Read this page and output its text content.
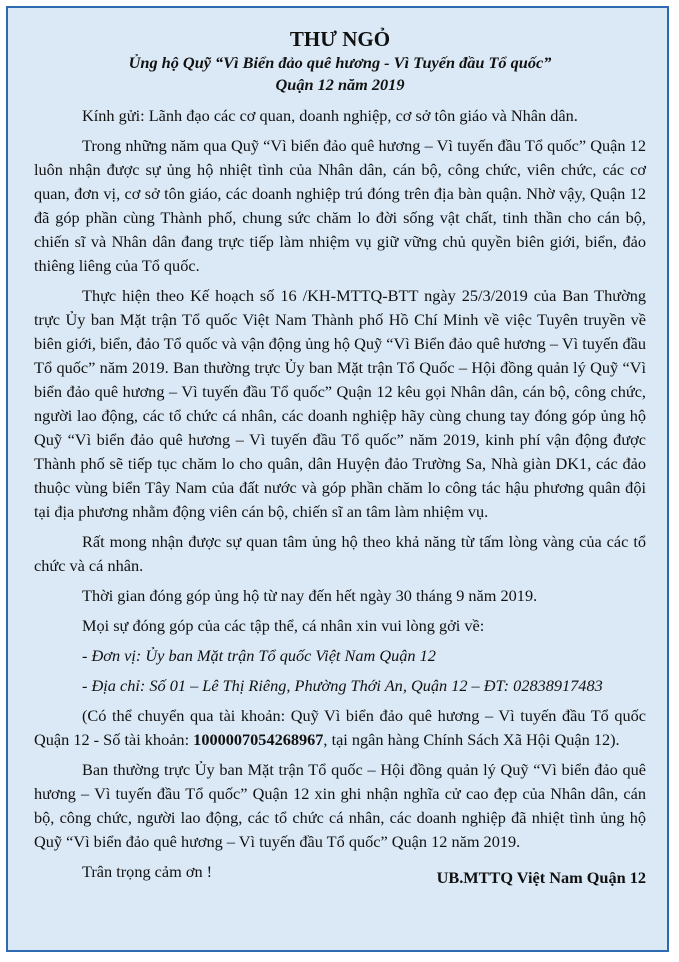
THƯ NGỎ
Ủng hộ Quỹ “Vì Biển đảo quê hương - Vì Tuyến đầu Tổ quốc”
Quận 12 năm 2019

Kính gửi: Lãnh đạo các cơ quan, doanh nghiệp, cơ sở tôn giáo và Nhân dân.

Trong những năm qua Quỹ “Vì biển đảo quê hương – Vì tuyến đầu Tổ quốc” Quận 12 luôn nhận được sự ủng hộ nhiệt tình của Nhân dân, cán bộ, công chức, viên chức, các cơ quan, đơn vị, cơ sở tôn giáo, các doanh nghiệp trú đóng trên địa bàn quận. Nhờ vậy, Quận 12 đã góp phần cùng Thành phố, chung sức chăm lo đời sống vật chất, tinh thần cho cán bộ, chiến sĩ và Nhân dân đang trực tiếp làm nhiệm vụ giữ vững chủ quyền biên giới, biển, đảo thiêng liêng của Tổ quốc.

Thực hiện theo Kế hoạch số 16 /KH-MTTQ-BTT ngày 25/3/2019 của Ban Thường trực Ủy ban Mặt trận Tổ quốc Việt Nam Thành phố Hồ Chí Minh về việc Tuyên truyền về biên giới, biển, đảo Tổ quốc và vận động ủng hộ Quỹ “Vì Biển đảo quê hương – Vì tuyến đầu Tổ quốc” năm 2019. Ban thường trực Ủy ban Mặt trận Tổ Quốc – Hội đồng quản lý Quỹ “Vì biển đảo quê hương – Vì tuyến đầu Tổ quốc” Quận 12 kêu gọi Nhân dân, cán bộ, công chức, người lao động, các tổ chức cá nhân, các doanh nghiệp hãy cùng chung tay đóng góp ủng hộ Quỹ “Vì biển đảo quê hương – Vì tuyến đầu Tổ quốc” năm 2019, kinh phí vận động được Thành phố sẽ tiếp tục chăm lo cho quân, dân Huyện đảo Trường Sa, Nhà giàn DK1, các đảo thuộc vùng biển Tây Nam của đất nước và góp phần chăm lo công tác hậu phương quân đội tại địa phương nhằm động viên cán bộ, chiến sĩ an tâm làm nhiệm vụ.

Rất mong nhận được sự quan tâm ủng hộ theo khả năng từ tấm lòng vàng của các tổ chức và cá nhân.

Thời gian đóng góp ủng hộ từ nay đến hết ngày 30 tháng 9 năm 2019.

Mọi sự đóng góp của các tập thể, cá nhân xin vui lòng gởi về:

- Đơn vị: Ủy ban Mặt trận Tổ quốc Việt Nam Quận 12

- Địa chỉ: Số 01 – Lê Thị Riêng, Phường Thới An, Quận 12 – ĐT: 02838917483

(Có thể chuyển qua tài khoản: Quỹ Vì biển đảo quê hương – Vì tuyến đầu Tổ quốc Quận 12 - Số tài khoản: 1000007054268967, tại ngân hàng Chính Sách Xã Hội Quận 12).

Ban thường trực Ủy ban Mặt trận Tổ quốc – Hội đồng quản lý Quỹ “Vì biển đảo quê hương – Vì tuyến đầu Tổ quốc” Quận 12 xin ghi nhận nghĩa cử cao đẹp của Nhân dân, cán bộ, công chức, người lao động, các tổ chức cá nhân, các doanh nghiệp đã nhiệt tình ủng hộ Quỹ “Vì biển đảo quê hương – Vì tuyến đầu Tổ quốc” Quận 12 năm 2019.

Trân trọng cảm ơn !	UB.MTTQ Việt Nam Quận 12
